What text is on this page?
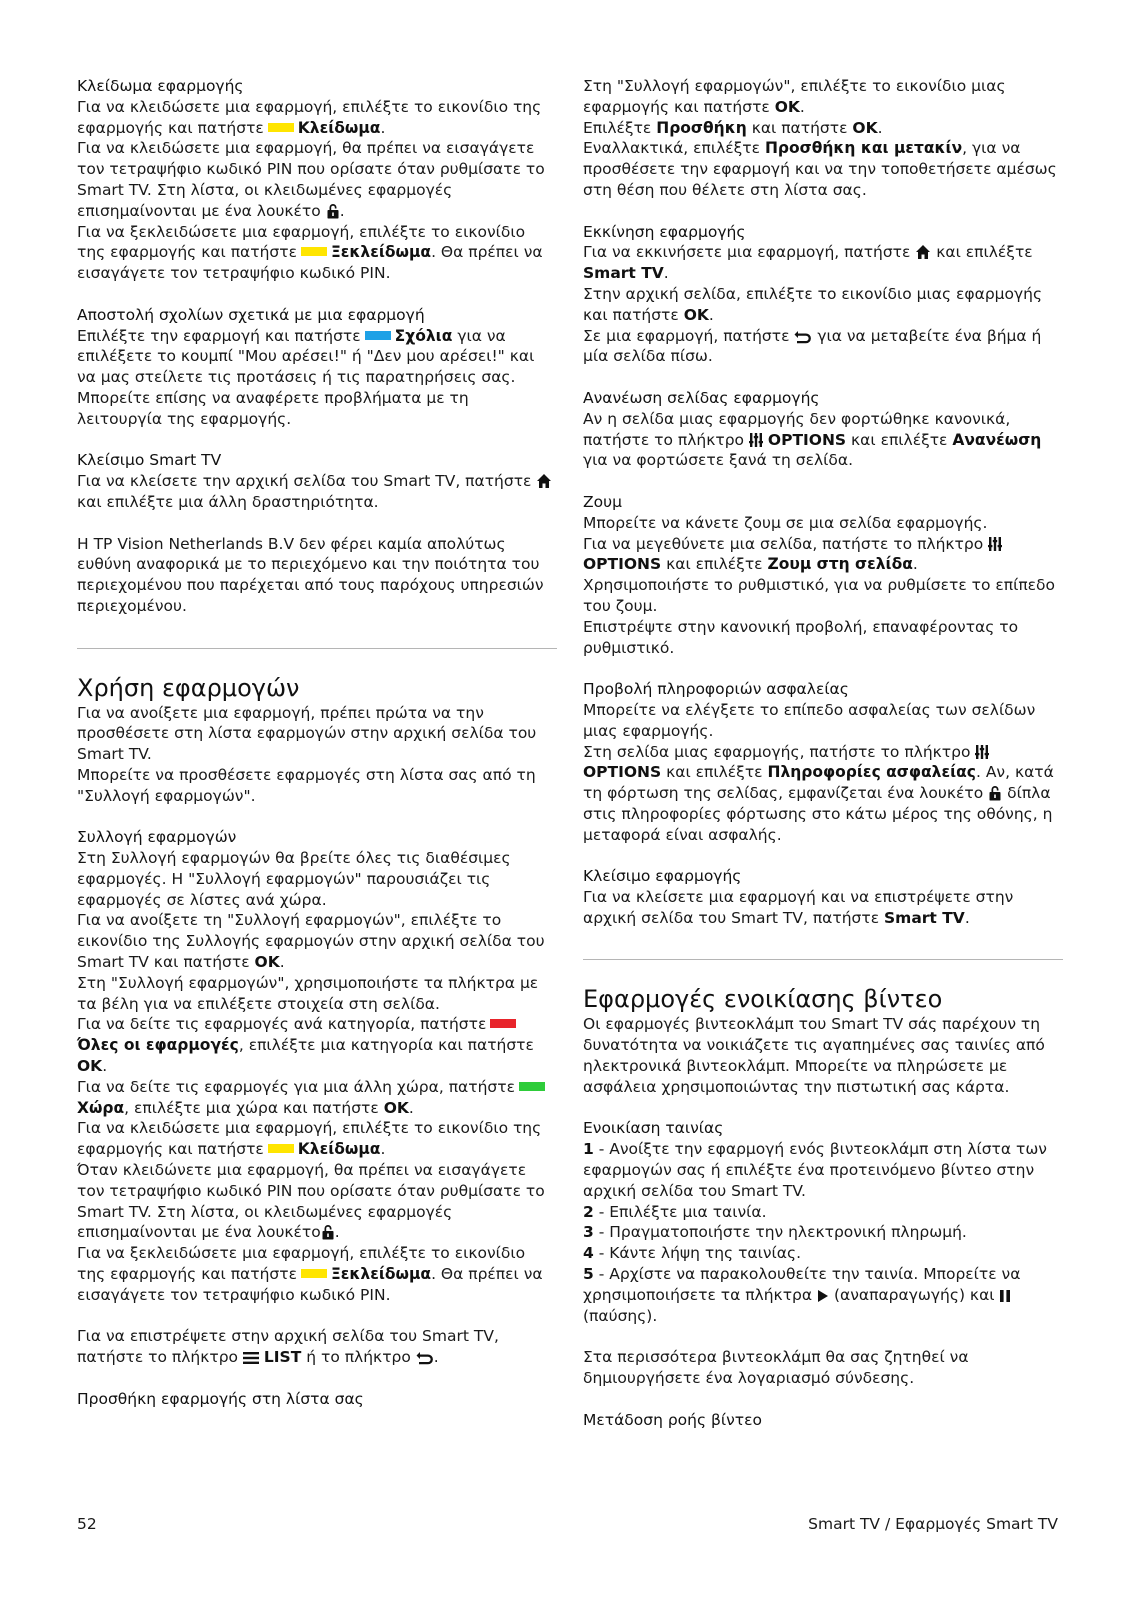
Κλείδωμα εφαρμογής

Για να κλειδώσετε μια εφαρμογή, επιλέξτε το εικονίδιο της εφαρμογής και πατήστε Κλείδωμα.

Για να κλειδώσετε μια εφαρμογή, θα πρέπει να εισαγάγετε τον τετραψήφιο κωδικό PIN που ορίσατε όταν ρυθμίσατε το Smart TV. Στη λίστα, οι κλειδωμένες εφαρμογές επισημαίνονται με ένα λουκέτο .

Για να ξεκλειδώσετε μια εφαρμογή, επιλέξτε το εικονίδιο της εφαρμογής και πατήστε Ξεκλείδωμα. Θα πρέπει να εισαγάγετε τον τετραψήφιο κωδικό PIN.

Αποστολή σχολίων σχετικά με μια εφαρμογή

Επιλέξτε την εφαρμογή και πατήστε Σχόλια για να επιλέξετε το κουμπί "Μου αρέσει!" ή "Δεν μου αρέσει!" και να μας στείλετε τις προτάσεις ή τις παρατηρήσεις σας. Μπορείτε επίσης να αναφέρετε προβλήματα με τη λειτουργία της εφαρμογής.

Κλείσιμο Smart TV

Για να κλείσετε την αρχική σελίδα του Smart TV, πατήστε  και επιλέξτε μια άλλη δραστηριότητα.

Η TP Vision Netherlands B.V δεν φέρει καμία απολύτως ευθύνη αναφορικά με το περιεχόμενο και την ποιότητα του περιεχομένου που παρέχεται από τους παρόχους υπηρεσιών περιεχομένου.

Χρήση εφαρμογών

Για να ανοίξετε μια εφαρμογή, πρέπει πρώτα να την προσθέσετε στη λίστα εφαρμογών στην αρχική σελίδα του Smart TV.

Μπορείτε να προσθέσετε εφαρμογές στη λίστα σας από τη "Συλλογή εφαρμογών".

Συλλογή εφαρμογών

Στη Συλλογή εφαρμογών θα βρείτε όλες τις διαθέσιμες εφαρμογές. Η "Συλλογή εφαρμογών" παρουσιάζει τις εφαρμογές σε λίστες ανά χώρα.

Για να ανοίξετε τη "Συλλογή εφαρμογών", επιλέξτε το εικονίδιο της Συλλογής εφαρμογών στην αρχική σελίδα του Smart TV και πατήστε OK.

Στη "Συλλογή εφαρμογών", χρησιμοποιήστε τα πλήκτρα με τα βέλη για να επιλέξετε στοιχεία στη σελίδα.

Για να δείτε τις εφαρμογές ανά κατηγορία, πατήστεΌλες οι εφαρμογές, επιλέξτε μια κατηγορία και πατήστε OK.

Για να δείτε τις εφαρμογές για μια άλλη χώρα, πατήστεΧώρα, επιλέξτε μια χώρα και πατήστε OK.

Για να κλειδώσετε μια εφαρμογή, επιλέξτε το εικονίδιο της εφαρμογής και πατήστε Κλείδωμα.

Όταν κλειδώνετε μια εφαρμογή, θα πρέπει να εισαγάγετε τον τετραψήφιο κωδικό PIN που ορίσατε όταν ρυθμίσατε το Smart TV. Στη λίστα, οι κλειδωμένες εφαρμογές επισημαίνονται με ένα λουκέτο .

Για να ξεκλειδώσετε μια εφαρμογή, επιλέξτε το εικονίδιο της εφαρμογής και πατήστε Ξεκλείδωμα. Θα πρέπει να εισαγάγετε τον τετραψήφιο κωδικό PIN.

Για να επιστρέψετε στην αρχική σελίδα του Smart TV, πατήστε το πλήκτρο LIST ή το πλήκτρο .

Προσθήκη εφαρμογής στη λίστα σας

Στη "Συλλογή εφαρμογών", επιλέξτε το εικονίδιο μιας εφαρμογής και πατήστε OK.

Επιλέξτε Προσθήκη και πατήστε OK.

Εναλλακτικά, επιλέξτε Προσθήκη και μετακίν, για να προσθέσετε την εφαρμογή και να την τοποθετήσετε αμέσως στη θέση που θέλετε στη λίστα σας.

Εκκίνηση εφαρμογής

Για να εκκινήσετε μια εφαρμογή, πατήστε και επιλέξτε Smart TV.

Στην αρχική σελίδα, επιλέξτε το εικονίδιο μιας εφαρμογής και πατήστε OK.

Σε μια εφαρμογή, πατήστε για να μεταβείτε ένα βήμα ή μία σελίδα πίσω.

Ανανέωση σελίδας εφαρμογής

Αν η σελίδα μιας εφαρμογής δεν φορτώθηκε κανονικά, πατήστε το πλήκτρο OPTIONS και επιλέξτε Ανανέωση για να φορτώσετε ξανά τη σελίδα.

Ζουμ

Μπορείτε να κάνετε ζουμ σε μια σελίδα εφαρμογής.

Για να μεγεθύνετε μια σελίδα, πατήστε το πλήκτρο  OPTIONS και επιλέξτε Ζουμ στη σελίδα.

Χρησιμοποιήστε το ρυθμιστικό, για να ρυθμίσετε το επίπεδο του ζουμ.

Επιστρέψτε στην κανονική προβολή, επαναφέροντας το ρυθμιστικό.

Προβολή πληροφοριών ασφαλείας

Μπορείτε να ελέγξετε το επίπεδο ασφαλείας των σελίδων μιας εφαρμογής.

Στη σελίδα μιας εφαρμογής, πατήστε το πλήκτρο  OPTIONS και επιλέξτε Πληροφορίες ασφαλείας. Αν, κατά τη φόρτωση της σελίδας, εμφανίζεται ένα λουκέτο δίπλα στις πληροφορίες φόρτωσης στο κάτω μέρος της οθόνης, η μεταφορά είναι ασφαλής.

Κλείσιμο εφαρμογής

Για να κλείσετε μια εφαρμογή και να επιστρέψετε στην αρχική σελίδα του Smart TV, πατήστε Smart TV.

Εφαρμογές ενοικίασης βίντεο

Οι εφαρμογές βιντεοκλάμπ του Smart TV σάς παρέχουν τη δυνατότητα να νοικιάζετε τις αγαπημένες σας ταινίες από ηλεκτρονικά βιντεοκλάμπ. Μπορείτε να πληρώσετε με ασφάλεια χρησιμοποιώντας την πιστωτική σας κάρτα.

Ενοικίαση ταινίας

1 - Ανοίξτε την εφαρμογή ενός βιντεοκλάμπ στη λίστα των εφαρμογών σας ή επιλέξτε ένα προτεινόμενο βίντεο στην αρχική σελίδα του Smart TV.

2 - Επιλέξτε μια ταινία.

3 - Πραγματοποιήστε την ηλεκτρονική πληρωμή.

4 - Κάντε λήψη της ταινίας.

5 - Αρχίστε να παρακολουθείτε την ταινία. Μπορείτε να χρησιμοποιήσετε τα πλήκτρα (αναπαραγωγής) και  (παύσης).

Στα περισσότερα βιντεοκλάμπ θα σας ζητηθεί να δημιουργήσετε ένα λογαριασμό σύνδεσης.

Μετάδοση ροής βίντεο

52	Smart TV / Εφαρμογές Smart TV
